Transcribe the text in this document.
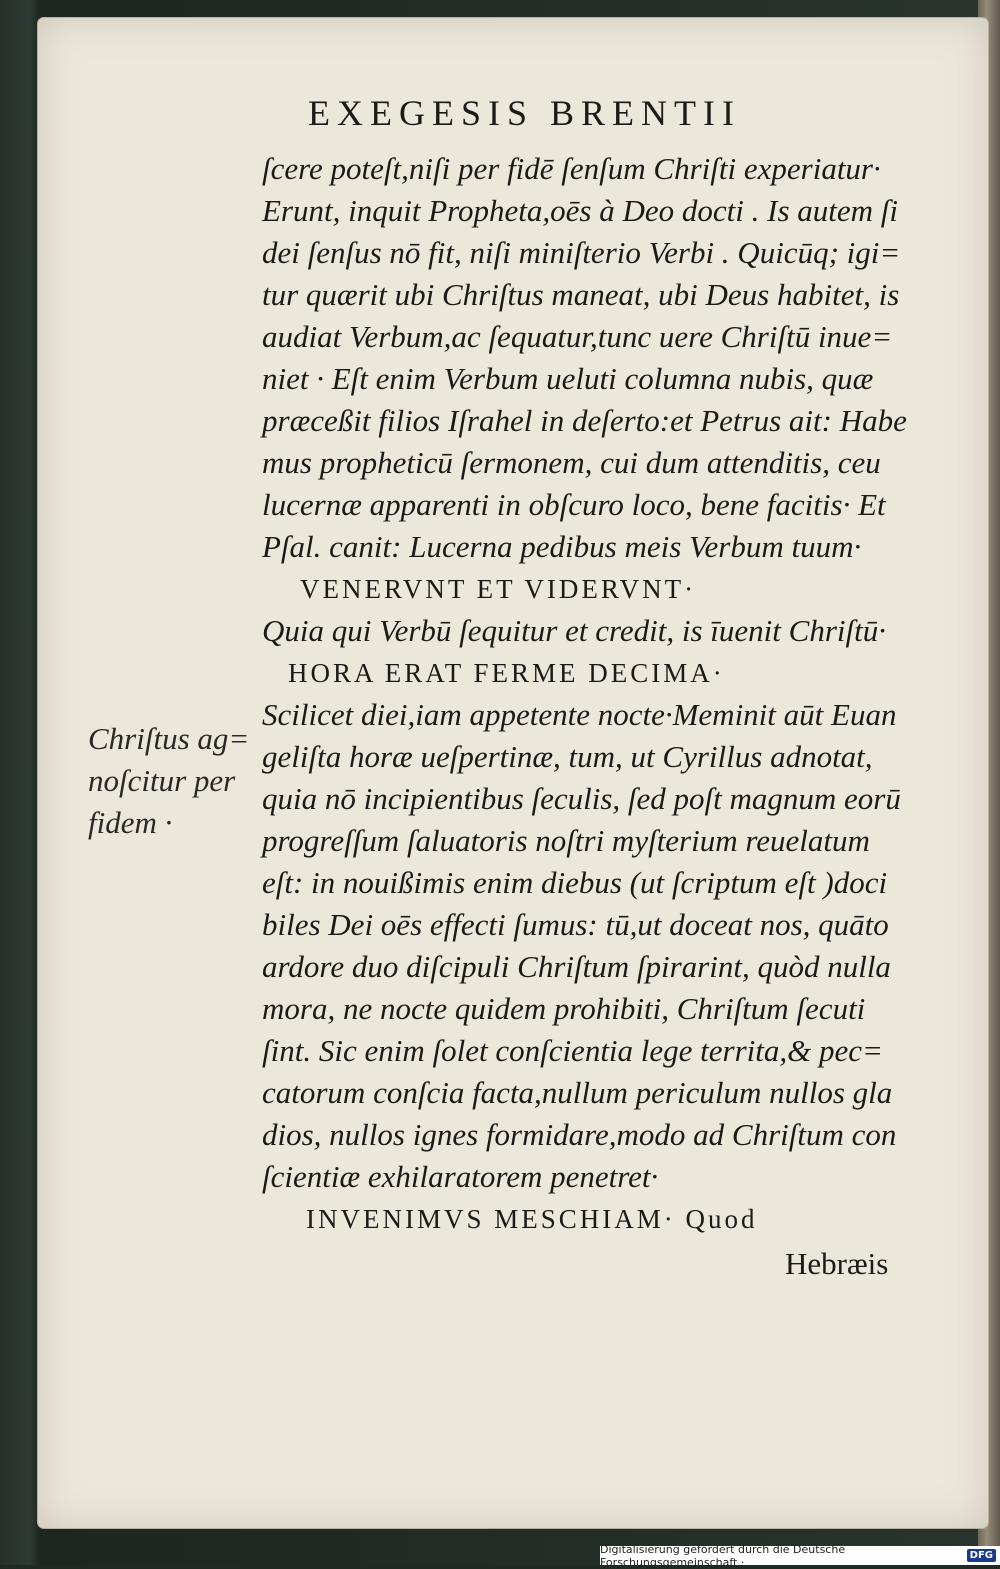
EXEGESIS BRENTII
ſcere poteſt,niſi per fidē ſenſum Chriſti experiatur·
Erunt, inquit Propheta,oēs à Deo docti . Is autem ſi
dei ſenſus nō fit, niſi miniſterio Verbi . Quicūq; igi=
tur quærit ubi Chriſtus maneat, ubi Deus habitet, is
audiat Verbum,ac ſequatur,tunc uere Chriſtū inue=
niet · Eſt enim Verbum ueluti columna nubis, quæ
præceßit filios Iſrahel in deſerto:et Petrus ait: Habe
mus propheticū ſermonem, cui dum attenditis, ceu
lucernæ apparenti in obſcuro loco, bene facitis· Et
Pſal. canit: Lucerna pedibus meis Verbum tuum·
VENERVNT ET VIDERVNT·
Quia qui Verbū ſequitur et credit, is īuenit Chriſtū·
HORA ERAT FERME DECIMA·
Scilicet diei,iam appetente nocte·Meminit aūt Euan
geliſta horæ ueſpertinæ, tum, ut Cyrillus adnotat,
quia nō incipientibus ſeculis, ſed poſt magnum eorū
progreſſum ſaluatoris noſtri myſterium reuelatum
eſt: in nouißimis enim diebus (ut ſcriptum eſt )doci
biles Dei oēs effecti ſumus: tū,ut doceat nos, quāto
ardore duo diſcipuli Chriſtum ſpirarint, quòd nulla
mora, ne nocte quidem prohibiti, Chriſtum ſecuti
ſint. Sic enim ſolet conſcientia lege territa,& pec=
catorum conſcia facta,nullum periculum nullos gla
dios, nullos ignes formidare,modo ad Chriſtum con
ſcientiæ exhilaratorem penetret·
INVENIMVS MESCHIAM· Quod
Hebræis
Chriſtus ag=
noſcitur per
fidem ·
Digitalisierung gefördert durch die Deutsche Forschungsgemeinschaft ·	DFG
